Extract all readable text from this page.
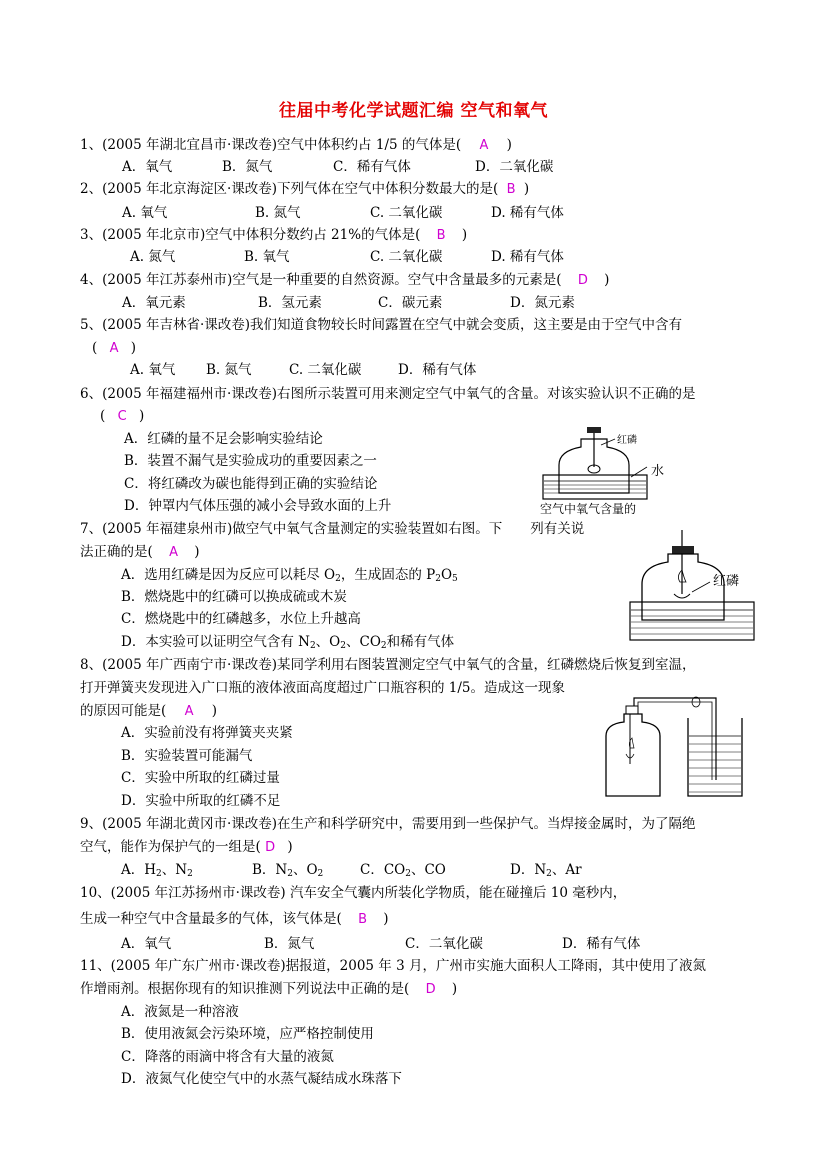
往届中考化学试题汇编 空气和氧气
1、(2005 年湖北宜昌市·课改卷)空气中体积约占 1/5 的气体是( A )
A．氧气	B．氮气	C．稀有气体	D．二氧化碳
2、(2005 年北京海淀区·课改卷)下列气体在空气中体积分数最大的是( B )
A. 氧气	B. 氮气	C. 二氧化碳	D. 稀有气体
3、(2005 年北京市)空气中体积分数约占 21%的气体是( B )
A. 氮气	B. 氧气	C. 二氧化碳	D. 稀有气体
4、(2005 年江苏泰州市)空气是一种重要的自然资源。空气中含量最多的元素是( D )
A．氧元素	B．氢元素	C．碳元素	D．氮元素
5、(2005 年吉林省·课改卷)我们知道食物较长时间露置在空气中就会变质，这主要是由于空气中含有
( A )
A. 氧气 B. 氮气	C. 二氧化碳	D．稀有气体
6、(2005 年福建福州市·课改卷)右图所示装置可用来测定空气中氧气的含量。对该实验认识不正确的是
( C )
A．红磷的量不足会影响实验结论
B．装置不漏气是实验成功的重要因素之一
C．将红磷改为碳也能得到正确的实验结论
D．钟罩内气体压强的减小会导致水面的上升
红磷
水
空气中氧气含量的
7、(2005 年福建泉州市)做空气中氧气含量测定的实验装置如右图。下 列有关说
法正确的是( A )
A．选用红磷是因为反应可以耗尽 $O_2$，生成固态的 $P_2O_5$
B．燃烧匙中的红磷可以换成硫或木炭
C．燃烧匙中的红磷越多，水位上升越高
D．本实验可以证明空气含有 $N_2$、$O_2$、$CO_2$和稀有气体
红磷
8、(2005 年广西南宁市·课改卷)某同学利用右图装置测定空气中氧气的含量，红磷燃烧后恢复到室温，
打开弹簧夹发现进入广口瓶的液体液面高度超过广口瓶容积的 1/5。造成这一现象
的原因可能是( A )
A．实验前没有将弹簧夹夹紧
B．实验装置可能漏气
C．实验中所取的红磷过量
D．实验中所取的红磷不足
9、(2005 年湖北黄冈市·课改卷)在生产和科学研究中，需要用到一些保护气。当焊接金属时，为了隔绝
空气，能作为保护气的一组是( D )
A．$H_2$、$N_2$	B．$N_2$、$O_2$	C．$CO_2$、CO	D．$N_2$、Ar
10、(2005 年江苏扬州市·课改卷) 汽车安全气囊内所装化学物质，能在碰撞后 10 毫秒内，
生成一种空气中含量最多的气体，该气体是( B )
A．氧气	B．氮气	C．二氧化碳	D．稀有气体
11、(2005 年广东广州市·课改卷)据报道，2005 年 3 月，广州市实施大面积人工降雨，其中使用了液氮
作增雨剂。根据你现有的知识推测下列说法中正确的是( D )
A．液氮是一种溶液
B．使用液氮会污染环境，应严格控制使用
C．降落的雨滴中将含有大量的液氮
D．液氮气化使空气中的水蒸气凝结成水珠落下
